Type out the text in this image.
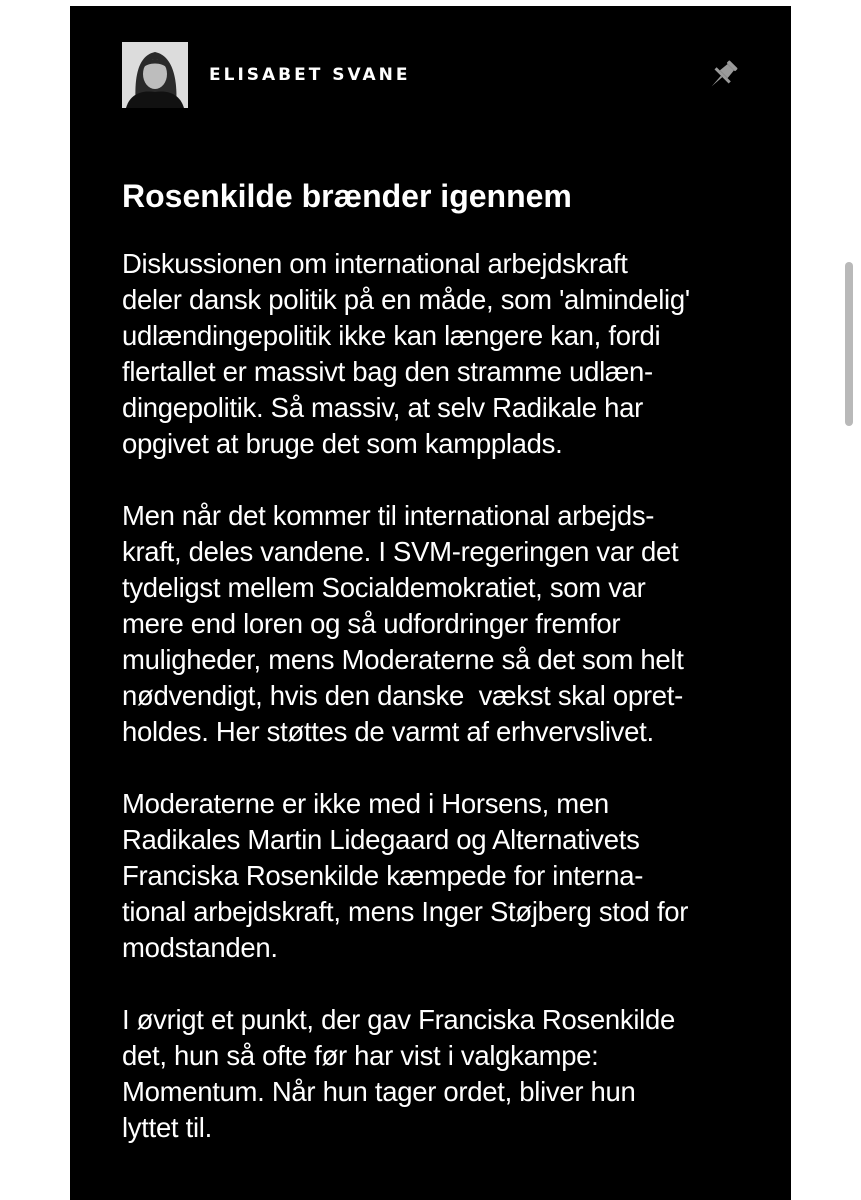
ELISABET SVANE
Rosenkilde brænder igennem
Diskussionen om international arbejdskraft
deler dansk politik på en måde, som 'almindelig'
udlændingepolitik ikke kan længere kan, fordi
flertallet er massivt bag den stramme udlæn-
dingepolitik. Så massiv, at selv Radikale har
opgivet at bruge det som kampplads.
Men når det kommer til international arbejds-
kraft, deles vandene. I SVM-regeringen var det
tydeligst mellem Socialdemokratiet, som var
mere end loren og så udfordringer fremfor
muligheder, mens Moderaterne så det som helt
nødvendigt, hvis den danske  vækst skal opret-
holdes. Her støttes de varmt af erhvervslivet.
Moderaterne er ikke med i Horsens, men
Radikales Martin Lidegaard og Alternativets
Franciska Rosenkilde kæmpede for interna-
tional arbejdskraft, mens Inger Støjberg stod for
modstanden.
I øvrigt et punkt, der gav Franciska Rosenkilde
det, hun så ofte før har vist i valgkampe:
Momentum. Når hun tager ordet, bliver hun
lyttet til.
